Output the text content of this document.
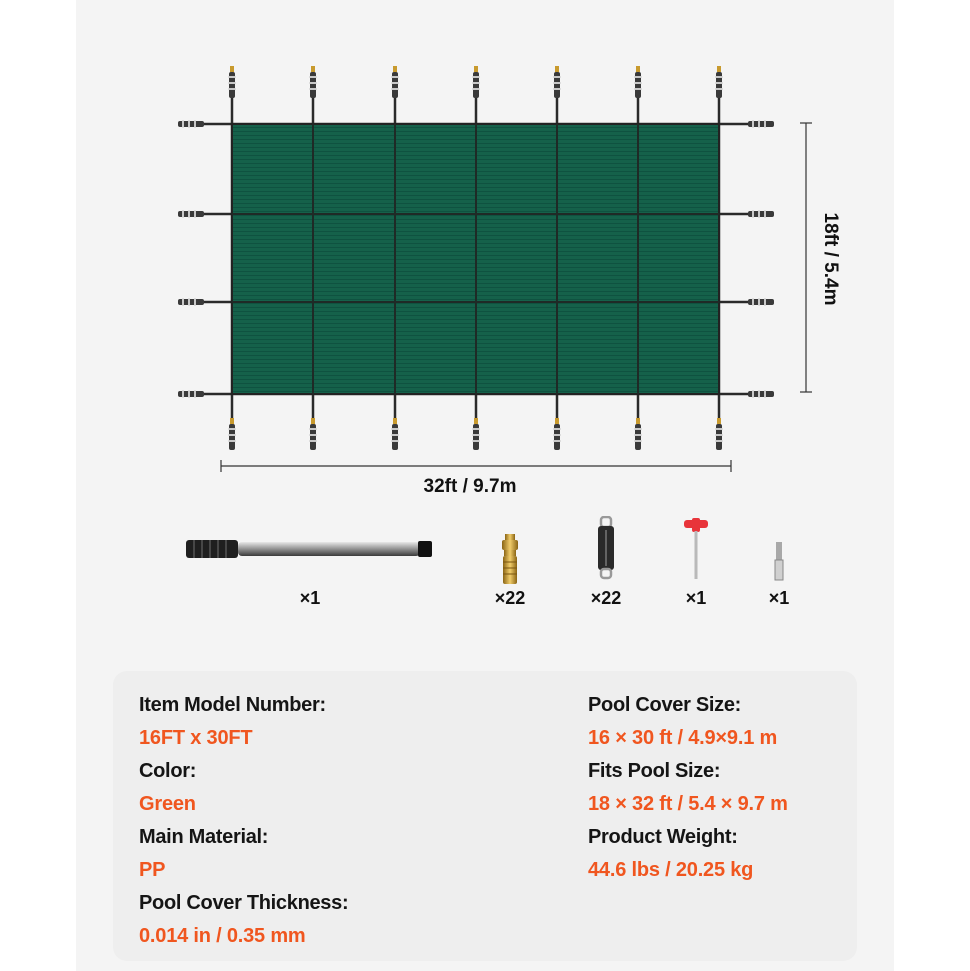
32ft / 9.7m
18ft / 5.4m
×1	×22	×22	×1	×1
Item Model Number:
16FT x 30FT
Color:
Green
Main Material:
PP
Pool Cover Thickness:
0.014 in / 0.35 mm
Pool Cover Size:
16 × 30 ft / 4.9×9.1 m
Fits Pool Size:
18 × 32 ft / 5.4 × 9.7 m
Product Weight:
44.6 lbs / 20.25 kg
